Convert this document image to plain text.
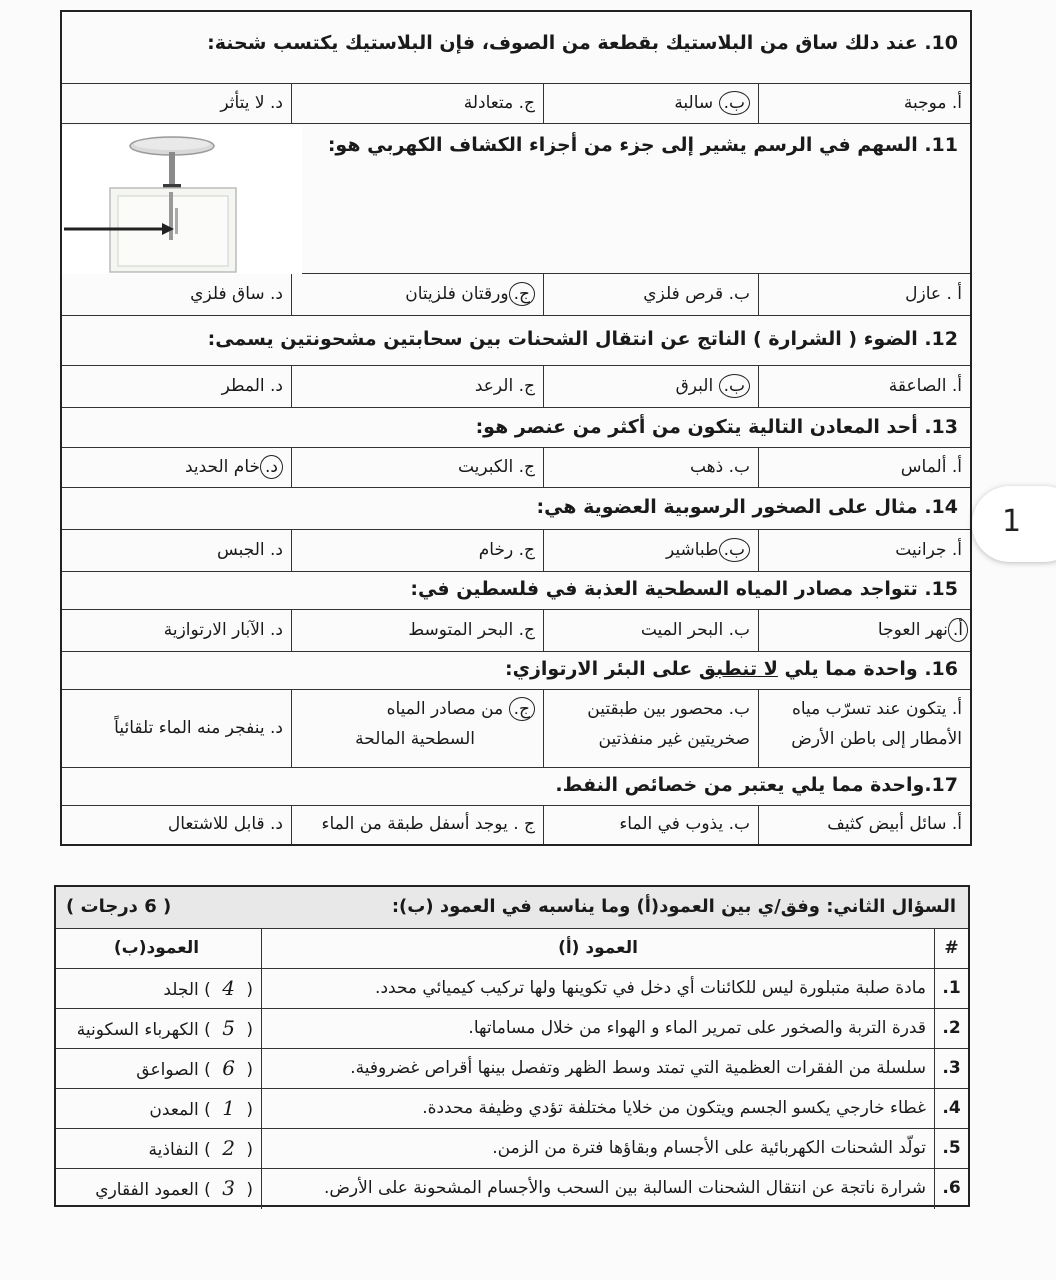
10. عند دلك ساق من البلاستيك بقطعة من الصوف، فإن البلاستيك يكتسب شحنة:
أ. موجبة
ب. سالبة
ج. متعادلة
د. لا يتأثر
11. السهم في الرسم يشير إلى جزء من أجزاء الكشاف الكهربي هو:
أ . عازل
ب. قرص فلزي
ج.ورقتان فلزيتان
د. ساق فلزي
12. الضوء ( الشرارة ) الناتج عن انتقال الشحنات بين سحابتين مشحونتين يسمى:
أ. الصاعقة
ب. البرق
ج. الرعد
د. المطر
13. أحد المعادن التالية يتكون من أكثر من عنصر هو:
أ. ألماس
ب. ذهب
ج. الكبريت
د.خام الحديد
14. مثال على الصخور الرسوبية العضوية هي:
أ. جرانيت
ب.طباشير
ج. رخام
د. الجبس
15. تتواجد مصادر المياه السطحية العذبة في فلسطين في:
أ.نهر العوجا
ب. البحر الميت
ج. البحر المتوسط
د. الآبار الارتوازية
16. واحدة مما يلي لا تنطبق على البئر الارتوازي:
أ. يتكون عند تسرّب مياه
الأمطار إلى باطن الأرض
ب. محصور بين طبقتين
صخريتين غير منفذتين
ج. من مصادر المياه
السطحية المالحة
د. ينفجر منه الماء تلقائياً
17.واحدة مما يلي يعتبر من خصائص النفط.
أ. سائل أبيض كثيف
ب. يذوب في الماء
ج . يوجد أسفل طبقة من الماء
د. قابل للاشتعال
1
السؤال الثاني: وفق/ي بين العمود(أ) وما يناسبه في العمود (ب):
( 6 درجات )
#
العمود (أ)
العمود(ب)
1.
مادة صلبة متبلورة ليس للكائنات أي دخل في تكوينها ولها تركيب كيميائي محدد.
( 4 ) الجلد
2.
قدرة التربة والصخور على تمرير الماء و الهواء من خلال مساماتها.
( 5 ) الكهرباء السكونية
3.
سلسلة من الفقرات العظمية التي تمتد وسط الظهر وتفصل بينها أقراص غضروفية.
( 6 ) الصواعق
4.
غطاء خارجي يكسو الجسم ويتكون من خلايا مختلفة تؤدي وظيفة محددة.
( 1 ) المعدن
5.
تولّد الشحنات الكهربائية على الأجسام وبقاؤها فترة من الزمن.
( 2 ) النفاذية
6.
شرارة ناتجة عن انتقال الشحنات السالبة بين السحب والأجسام المشحونة على الأرض.
( 3 ) العمود الفقاري
